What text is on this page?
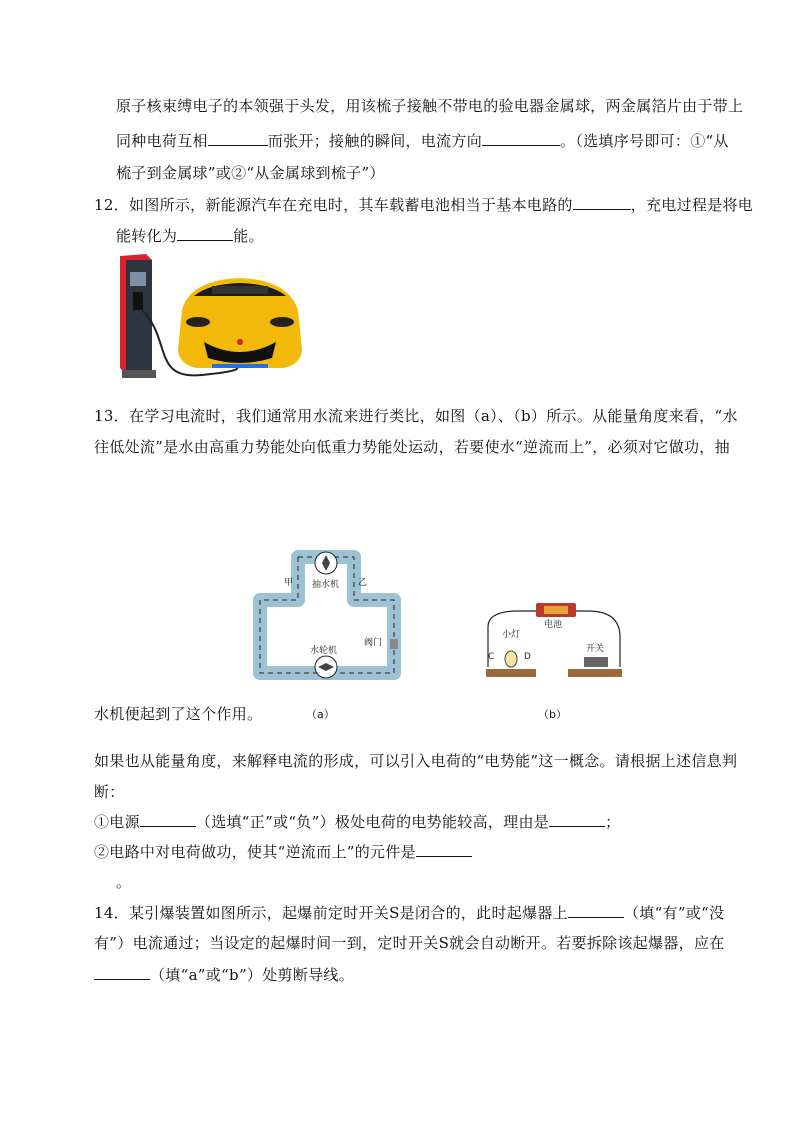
原子核束缚电子的本领强于头发，用该梳子接触不带电的验电器金属球，两金属箔片由于带上
同种电荷互相	而张开；接触的瞬间，电流方向	。（选填序号即可：①“从
梳子到金属球”或②“从金属球到梳子”）
12．如图所示，新能源汽车在充电时，其车载蓄电池相当于基本电路的	，充电过程是将电
能转化为	能。
13．在学习电流时，我们通常用水流来进行类比，如图（a）、（b）所示。从能量角度来看，“水
往低处流”是水由高重力势能处向低重力势能处运动，若要使水“逆流而上”，必须对它做功，抽
甲	乙
抽水机
水轮机
阀门
电池
小灯
开关
C	D
水机便起到了这个作用。	（a）	（b）
如果也从能量角度，来解释电流的形成，可以引入电荷的“电势能”这一概念。请根据上述信息判
断：
①电源	（选填“正”或“负”）极处电荷的电势能较高，理由是	；
②电路中对电荷做功，使其“逆流而上”的元件是
。
14．某引爆装置如图所示，起爆前定时开关S是闭合的，此时起爆器上	（填“有”或“没
有”）电流通过；当设定的起爆时间一到，定时开关S就会自动断开。若要拆除该起爆器，应在
（填“a”或“b”）处剪断导线。
